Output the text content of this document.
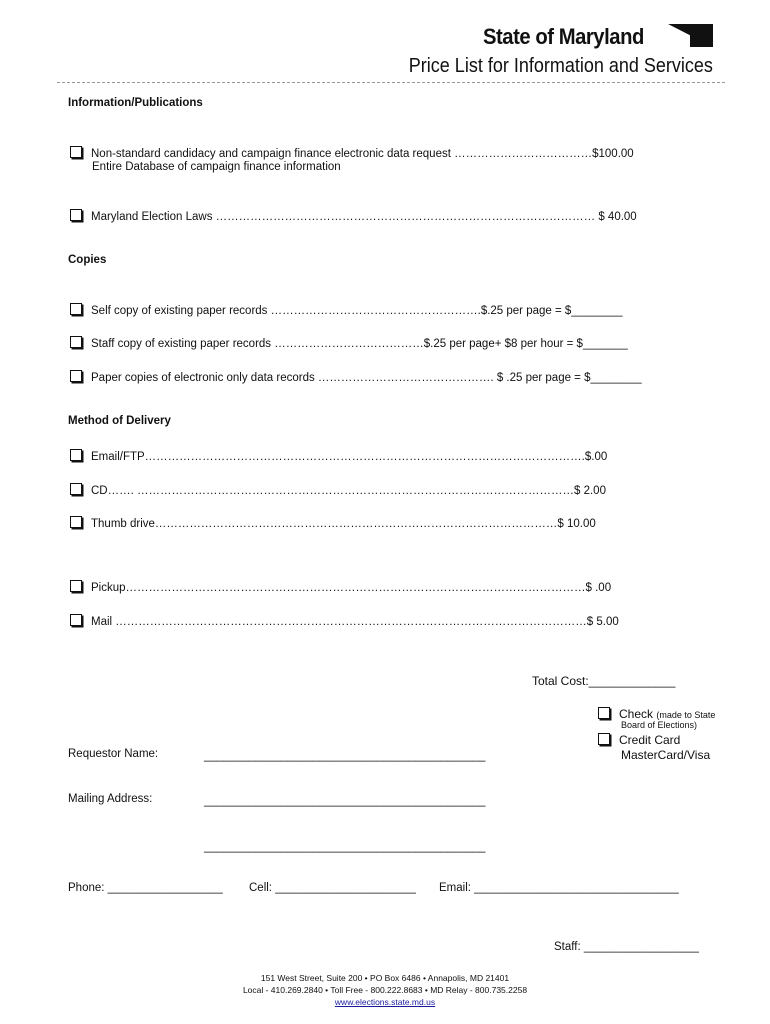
State of Maryland
Price List for Information and Services
Information/Publications
Non-standard candidacy and campaign finance electronic data request ………………………………$100.00
Entire Database of campaign finance information
Maryland Election Laws ……………………………………………………………………………………… $ 40.00
Copies
Self copy of existing paper records ……………………………………………….$.25 per page = $________
Staff copy of existing paper records …………………………………$.25 per page+ $8 per hour = $_______
Paper copies of electronic only data records ………………………………………. $ .25 per page = $________
Method of Delivery
Email/FTP…………………………………………………………………………………………………….$.00
CD……. ……………………………………………………………………………………………………$ 2.00
Thumb drive……………………………………………………………………………………………$ 10.00
Pickup…………………………………………………………………………………………………………$ .00
Mail ……………………………………………………………………………………………………………$ 5.00
Total Cost:_____________
Check (made to State
Board of Elections)
Credit Card
MasterCard/Visa
Requestor Name:	____________________________________________
Mailing Address:	____________________________________________
____________________________________________
Phone: __________________ Cell: ______________________ Email: ________________________________
Staff: __________________
151 West Street, Suite 200 • PO Box 6486 • Annapolis, MD 21401
Local - 410.269.2840 • Toll Free - 800.222.8683 • MD Relay - 800.735.2258
www.elections.state.md.us
